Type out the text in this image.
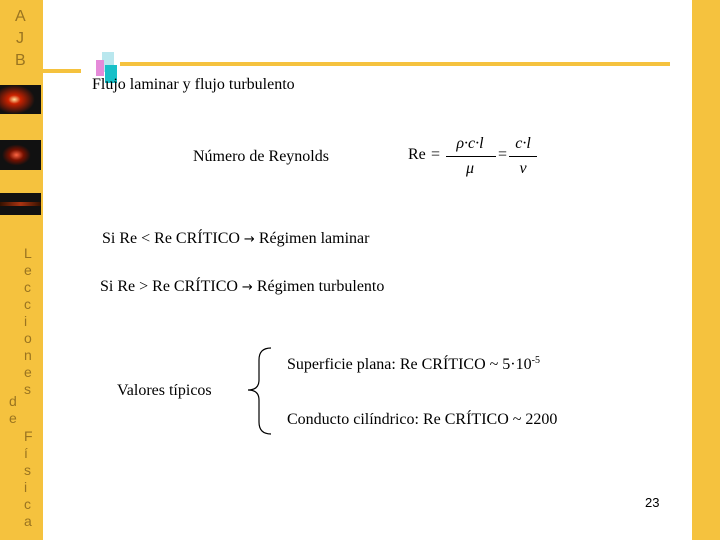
A
J
B
L
e
c
c
i
o
n
e
s
d
e
F
í
s
i
c
a
Flujo laminar y flujo turbulento
Número de Reynolds	Re =
ρ·c·l
μ
=
c·l
ν
Si Re < Re CRÍTICO → Régimen laminar
Si Re > Re CRÍTICO → Régimen turbulento
Valores típicos
Superficie plana: Re CRÍTICO ~ $5\cdot 10^{-5}$
Conducto cilíndrico: Re CRÍTICO ~ 2200
23
